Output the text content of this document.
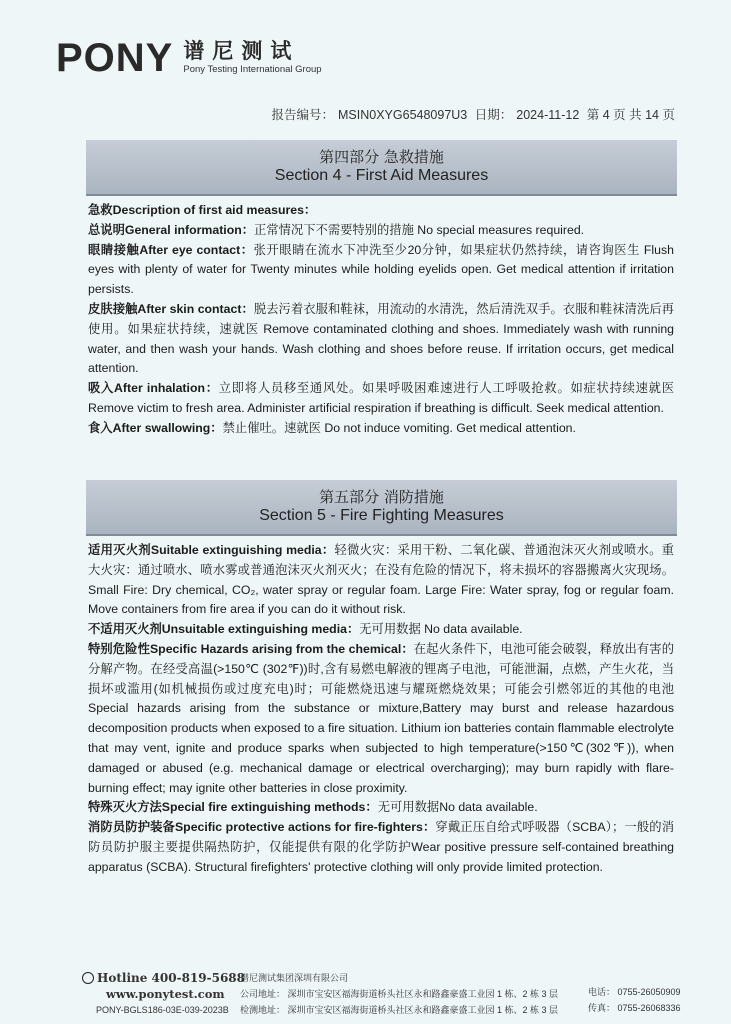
PONY 谱尼测试
Pony Testing International Group
报告编号： MSIN0XYG6548097U3 日期： 2024-11-12 第 4 页 共 14 页
第四部分 急救措施
Section 4 - First Aid Measures

急救Description of first aid measures：

总说明General information：正常情况下不需要特别的措施 No special measures required.

眼睛接触After eye contact：张开眼睛在流水下冲洗至少20分钟，如果症状仍然持续，请咨询医生 Flush eyes with plenty of water for Twenty minutes while holding eyelids open. Get medical attention if irritation persists.

皮肤接触After skin contact：脱去污着衣服和鞋袜，用流动的水清洗，然后清洗双手。衣服和鞋袜清洗后再使用。如果症状持续，速就医 Remove contaminated clothing and shoes. Immediately wash with running water, and then wash your hands. Wash clothing and shoes before reuse. If irritation occurs, get medical attention.

吸入After inhalation：立即将人员移至通风处。如果呼吸困难速进行人工呼吸抢救。如症状持续速就医 Remove victim to fresh area. Administer artificial respiration if breathing is difficult. Seek medical attention.

食入After swallowing：禁止催吐。速就医 Do not induce vomiting. Get medical attention.

第五部分 消防措施
Section 5 - Fire Fighting Measures

适用灭火剂Suitable extinguishing media：轻微火灾：采用干粉、二氧化碳、普通泡沫灭火剂或喷水。重大火灾：通过喷水、喷水雾或普通泡沫灭火剂灭火；在没有危险的情况下，将未损坏的容器搬离火灾现场。Small Fire: Dry chemical, CO₂, water spray or regular foam. Large Fire: Water spray, fog or regular foam. Move containers from fire area if you can do it without risk.

不适用灭火剂Unsuitable extinguishing media：无可用数据 No data available.

特别危险性Specific Hazards arising from the chemical：在起火条件下，电池可能会破裂，释放出有害的分解产物。在经受高温(>150℃ (302℉))时,含有易燃电解液的锂离子电池，可能泄漏，点燃，产生火花，当损坏或滥用(如机械损伤或过度充电)时；可能燃烧迅速与耀斑燃烧效果；可能会引燃邻近的其他的电池 Special hazards arising from the substance or mixture,Battery may burst and release hazardous decomposition products when exposed to a fire situation. Lithium ion batteries contain flammable electrolyte that may vent, ignite and produce sparks when subjected to high temperature(>150℃(302℉)), when damaged or abused (e.g. mechanical damage or electrical overcharging); may burn rapidly with flare-burning effect; may ignite other batteries in close proximity.

特殊灭火方法Special fire extinguishing methods：无可用数据No data available.

消防员防护装备Specific protective actions for fire-fighters：穿戴正压自给式呼吸器（SCBA）；一般的消防员防护服主要提供隔热防护，仅能提供有限的化学防护Wear positive pressure self-contained breathing apparatus (SCBA). Structural firefighters' protective clothing will only provide limited protection.

Hotline 400-819-5688
www.ponytest.com
PONY-BGLS186-03E-039-2023B
谱尼测试集团深圳有限公司
公司地址： 深圳市宝安区福海街道桥头社区永和路鑫豪盛工业园 1 栋、2 栋 3 层
检测地址： 深圳市宝安区福海街道桥头社区永和路鑫豪盛工业园 1 栋、2 栋 3 层
电话： 0755-26050909
传真： 0755-26068336
